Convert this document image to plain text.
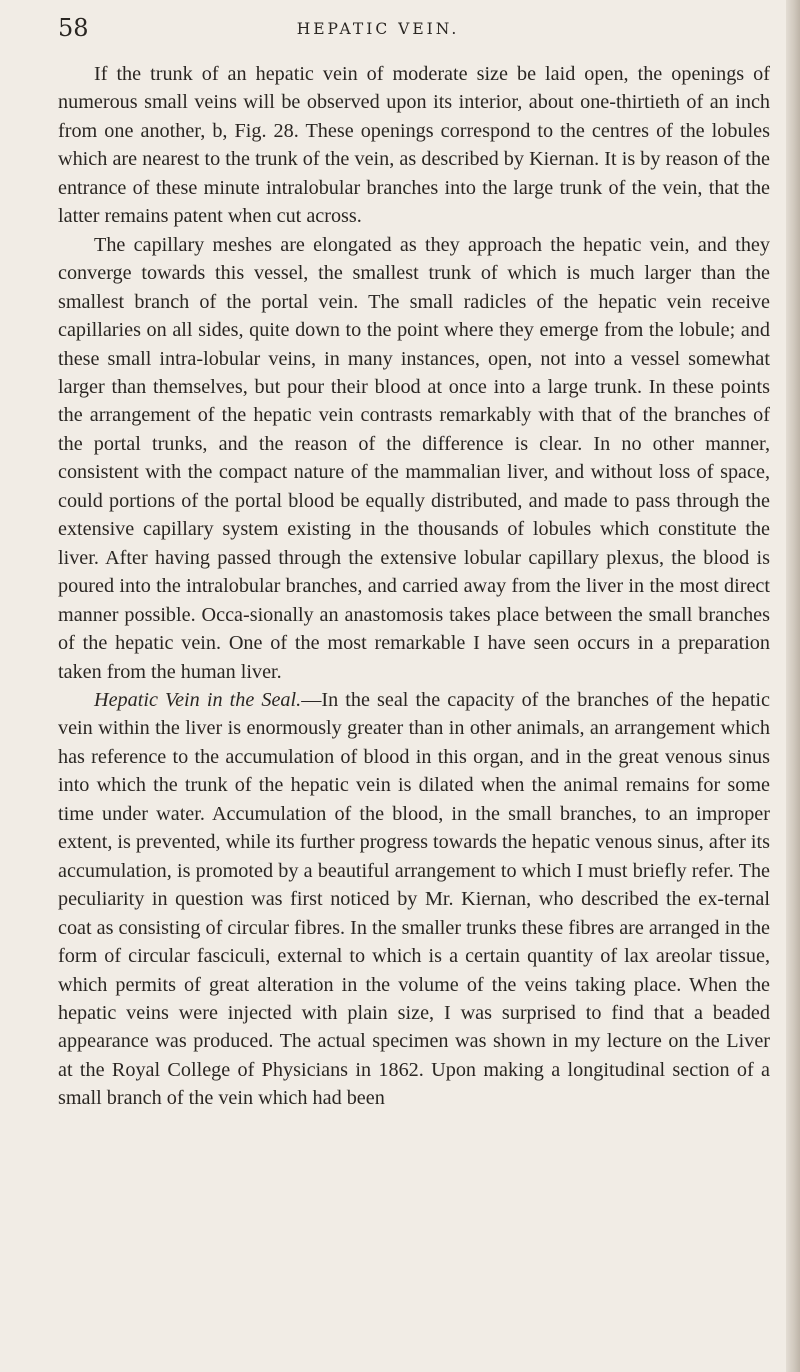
58	HEPATIC VEIN.

If the trunk of an hepatic vein of moderate size be laid open, the openings of numerous small veins will be observed upon its interior, about one-thirtieth of an inch from one another, b, Fig. 28. These openings correspond to the centres of the lobules which are nearest to the trunk of the vein, as described by Kiernan. It is by reason of the entrance of these minute intralobular branches into the large trunk of the vein, that the latter remains patent when cut across.

The capillary meshes are elongated as they approach the hepatic vein, and they converge towards this vessel, the smallest trunk of which is much larger than the smallest branch of the portal vein. The small radicles of the hepatic vein receive capillaries on all sides, quite down to the point where they emerge from the lobule; and these small intra-lobular veins, in many instances, open, not into a vessel somewhat larger than themselves, but pour their blood at once into a large trunk. In these points the arrangement of the hepatic vein contrasts remarkably with that of the branches of the portal trunks, and the reason of the difference is clear. In no other manner, consistent with the compact nature of the mammalian liver, and without loss of space, could portions of the portal blood be equally distributed, and made to pass through the extensive capillary system existing in the thousands of lobules which constitute the liver. After having passed through the extensive lobular capillary plexus, the blood is poured into the intralobular branches, and carried away from the liver in the most direct manner possible. Occa-sionally an anastomosis takes place between the small branches of the hepatic vein. One of the most remarkable I have seen occurs in a preparation taken from the human liver.

Hepatic Vein in the Seal.—In the seal the capacity of the branches of the hepatic vein within the liver is enormously greater than in other animals, an arrangement which has reference to the accumulation of blood in this organ, and in the great venous sinus into which the trunk of the hepatic vein is dilated when the animal remains for some time under water. Accumulation of the blood, in the small branches, to an improper extent, is prevented, while its further progress towards the hepatic venous sinus, after its accumulation, is promoted by a beautiful arrangement to which I must briefly refer. The peculiarity in question was first noticed by Mr. Kiernan, who described the ex-ternal coat as consisting of circular fibres. In the smaller trunks these fibres are arranged in the form of circular fasciculi, external to which is a certain quantity of lax areolar tissue, which permits of great alteration in the volume of the veins taking place. When the hepatic veins were injected with plain size, I was surprised to find that a beaded appearance was produced. The actual specimen was shown in my lecture on the Liver at the Royal College of Physicians in 1862. Upon making a longitudinal section of a small branch of the vein which had been
